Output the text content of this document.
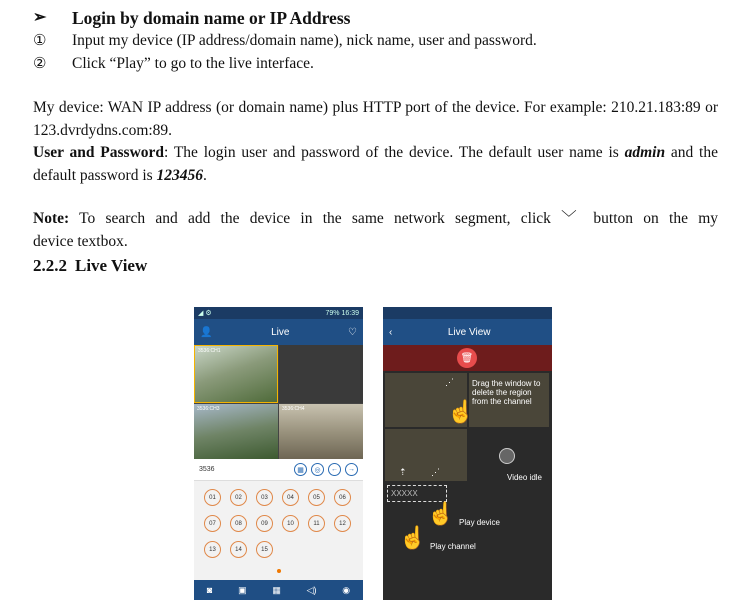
➢	Login by domain name or IP Address
①	Input my device (IP address/domain name), nick name, user and password.
②	Click “Play” to go to the live interface.

My device: WAN IP address (or domain name) plus HTTP port of the device. For example: 210.21.183:89 or 123.dvrdydns.com:89.

User and Password: The login user and password of the device. The default user name is admin and the default password is 123456.

Note: To search and add the device in the same network segment, click ﹀ button on the my

device textbox.

2.2.2 Live View
◢ ⚙	79% 16:39
👤	Live	♡
3536:CH1
3536:CH3	3536:CH4
3536	▦	◎	←	→
01	02	03	04	05	06
07	08	09	10	11	12
13	14	15
◙	▣	▦	◁)	◉
‹	Live View
🗑
Drag the window to delete the region from the channel
⋰
☝
Video idle
⇡	⋰
XXXXX
☝ Play device
☝ Play channel
